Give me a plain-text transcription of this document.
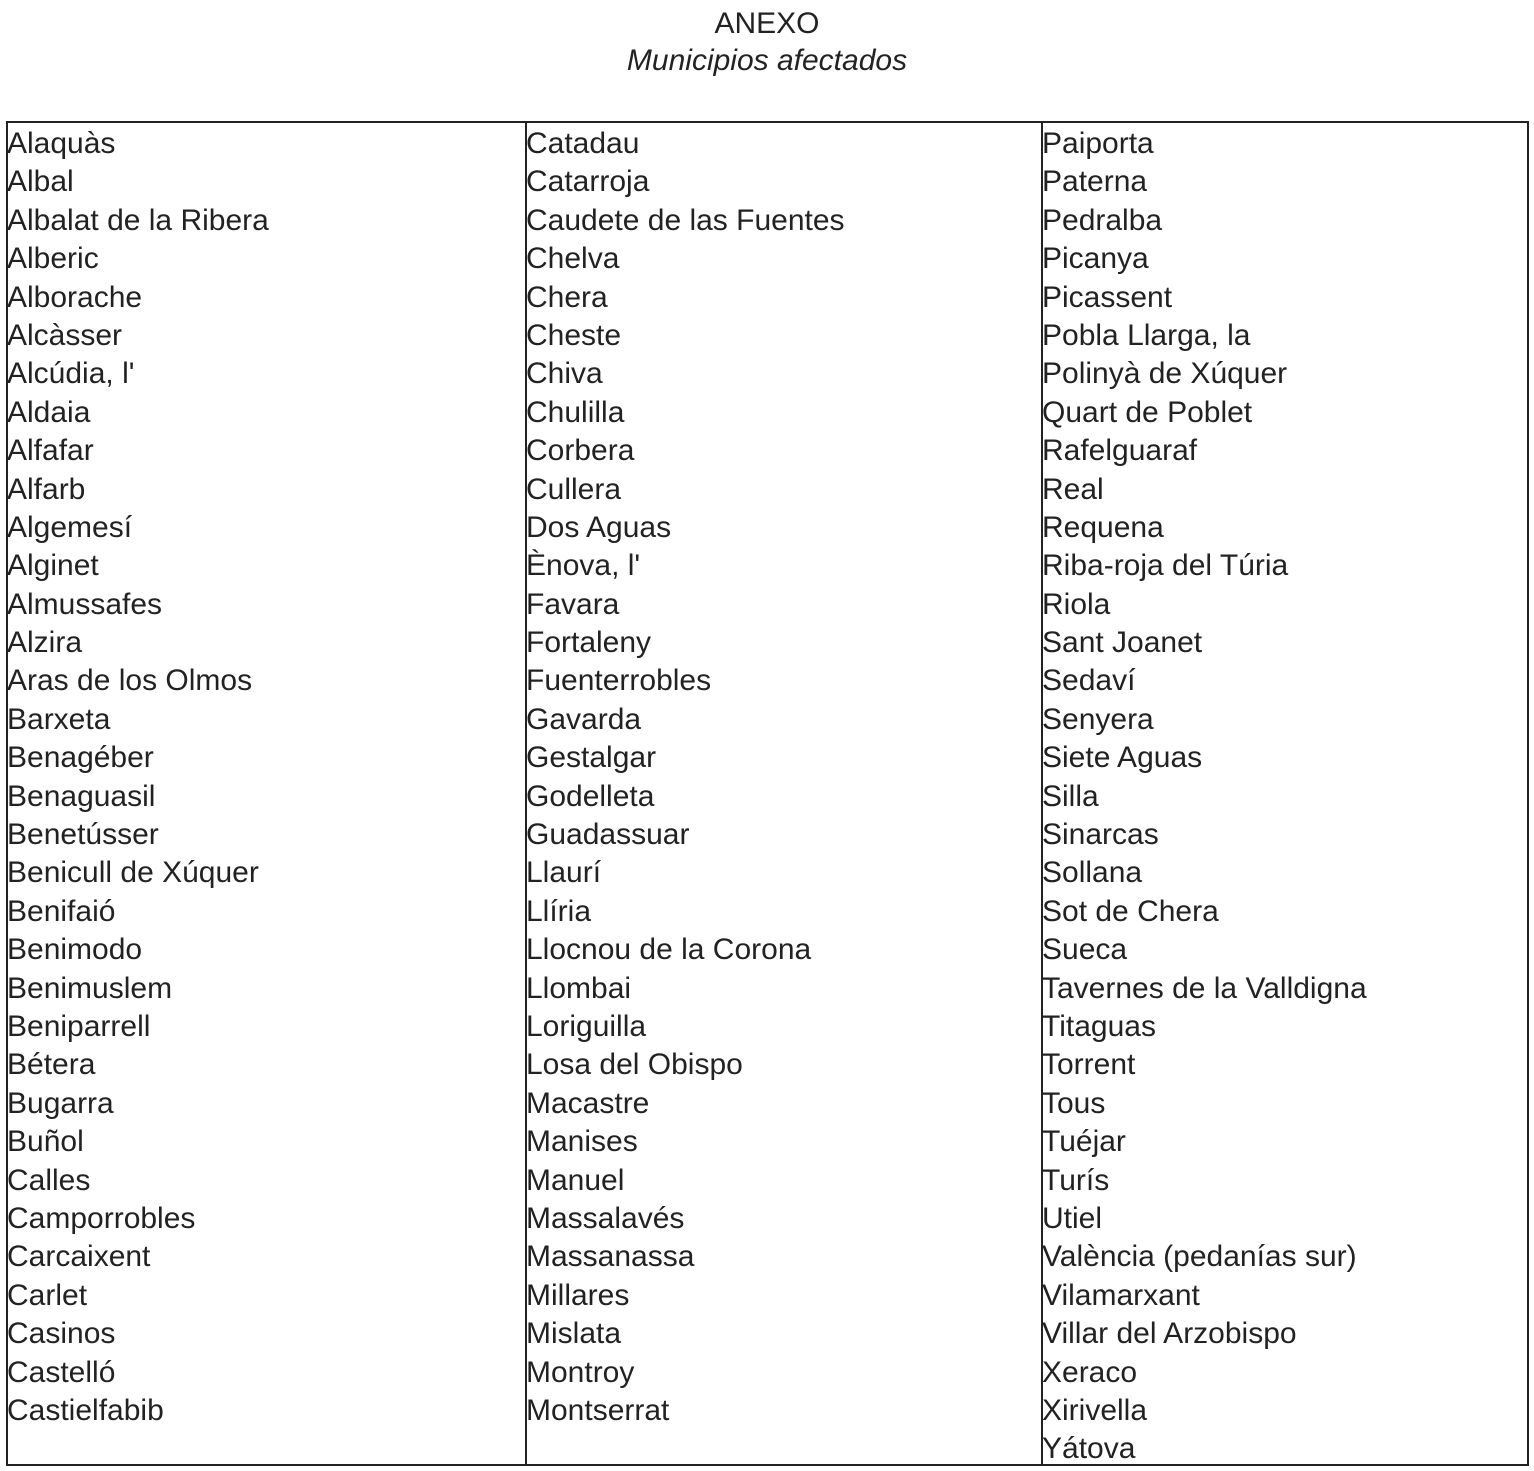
ANEXO
Municipios afectados
Alaquàs
Albal
Albalat de la Ribera
Alberic
Alborache
Alcàsser
Alcúdia, l'
Aldaia
Alfafar
Alfarb
Algemesí
Alginet
Almussafes
Alzira
Aras de los Olmos
Barxeta
Benagéber
Benaguasil
Benetússer
Benicull de Xúquer
Benifaió
Benimodo
Benimuslem
Beniparrell
Bétera
Bugarra
Buñol
Calles
Camporrobles
Carcaixent
Carlet
Casinos
Castelló
Castielfabib
Catadau
Catarroja
Caudete de las Fuentes
Chelva
Chera
Cheste
Chiva
Chulilla
Corbera
Cullera
Dos Aguas
Ènova, l'
Favara
Fortaleny
Fuenterrobles
Gavarda
Gestalgar
Godelleta
Guadassuar
Llaurí
Llíria
Llocnou de la Corona
Llombai
Loriguilla
Losa del Obispo
Macastre
Manises
Manuel
Massalavés
Massanassa
Millares
Mislata
Montroy
Montserrat
Paiporta
Paterna
Pedralba
Picanya
Picassent
Pobla Llarga, la
Polinyà de Xúquer
Quart de Poblet
Rafelguaraf
Real
Requena
Riba-roja del Túria
Riola
Sant Joanet
Sedaví
Senyera
Siete Aguas
Silla
Sinarcas
Sollana
Sot de Chera
Sueca
Tavernes de la Valldigna
Titaguas
Torrent
Tous
Tuéjar
Turís
Utiel
València (pedanías sur)
Vilamarxant
Villar del Arzobispo
Xeraco
Xirivella
Yátova
